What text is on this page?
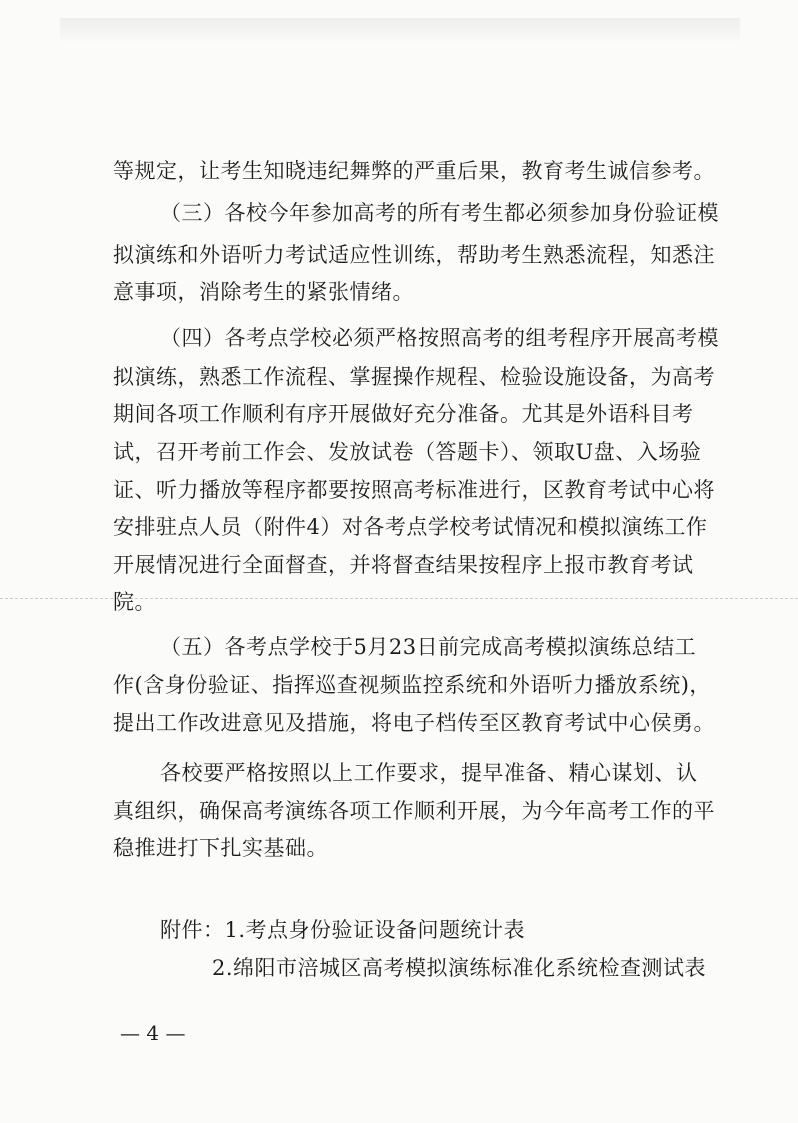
等规定，让考生知晓违纪舞弊的严重后果，教育考生诚信参考。
（三）各校今年参加高考的所有考生都必须参加身份验证模
拟演练和外语听力考试适应性训练，帮助考生熟悉流程，知悉注
意事项，消除考生的紧张情绪。
（四）各考点学校必须严格按照高考的组考程序开展高考模
拟演练，熟悉工作流程、掌握操作规程、检验设施设备，为高考
期间各项工作顺利有序开展做好充分准备。尤其是外语科目考
试，召开考前工作会、发放试卷（答题卡）、领取U盘、入场验
证、听力播放等程序都要按照高考标准进行，区教育考试中心将
安排驻点人员（附件4）对各考点学校考试情况和模拟演练工作
开展情况进行全面督查，并将督查结果按程序上报市教育考试
院。
（五）各考点学校于5月23日前完成高考模拟演练总结工
作(含身份验证、指挥巡查视频监控系统和外语听力播放系统)，
提出工作改进意见及措施，将电子档传至区教育考试中心侯勇。
各校要严格按照以上工作要求，提早准备、精心谋划、认
真组织，确保高考演练各项工作顺利开展，为今年高考工作的平
稳推进打下扎实基础。
附件：1.考点身份验证设备问题统计表
2.绵阳市涪城区高考模拟演练标准化系统检查测试表
— 4 —
